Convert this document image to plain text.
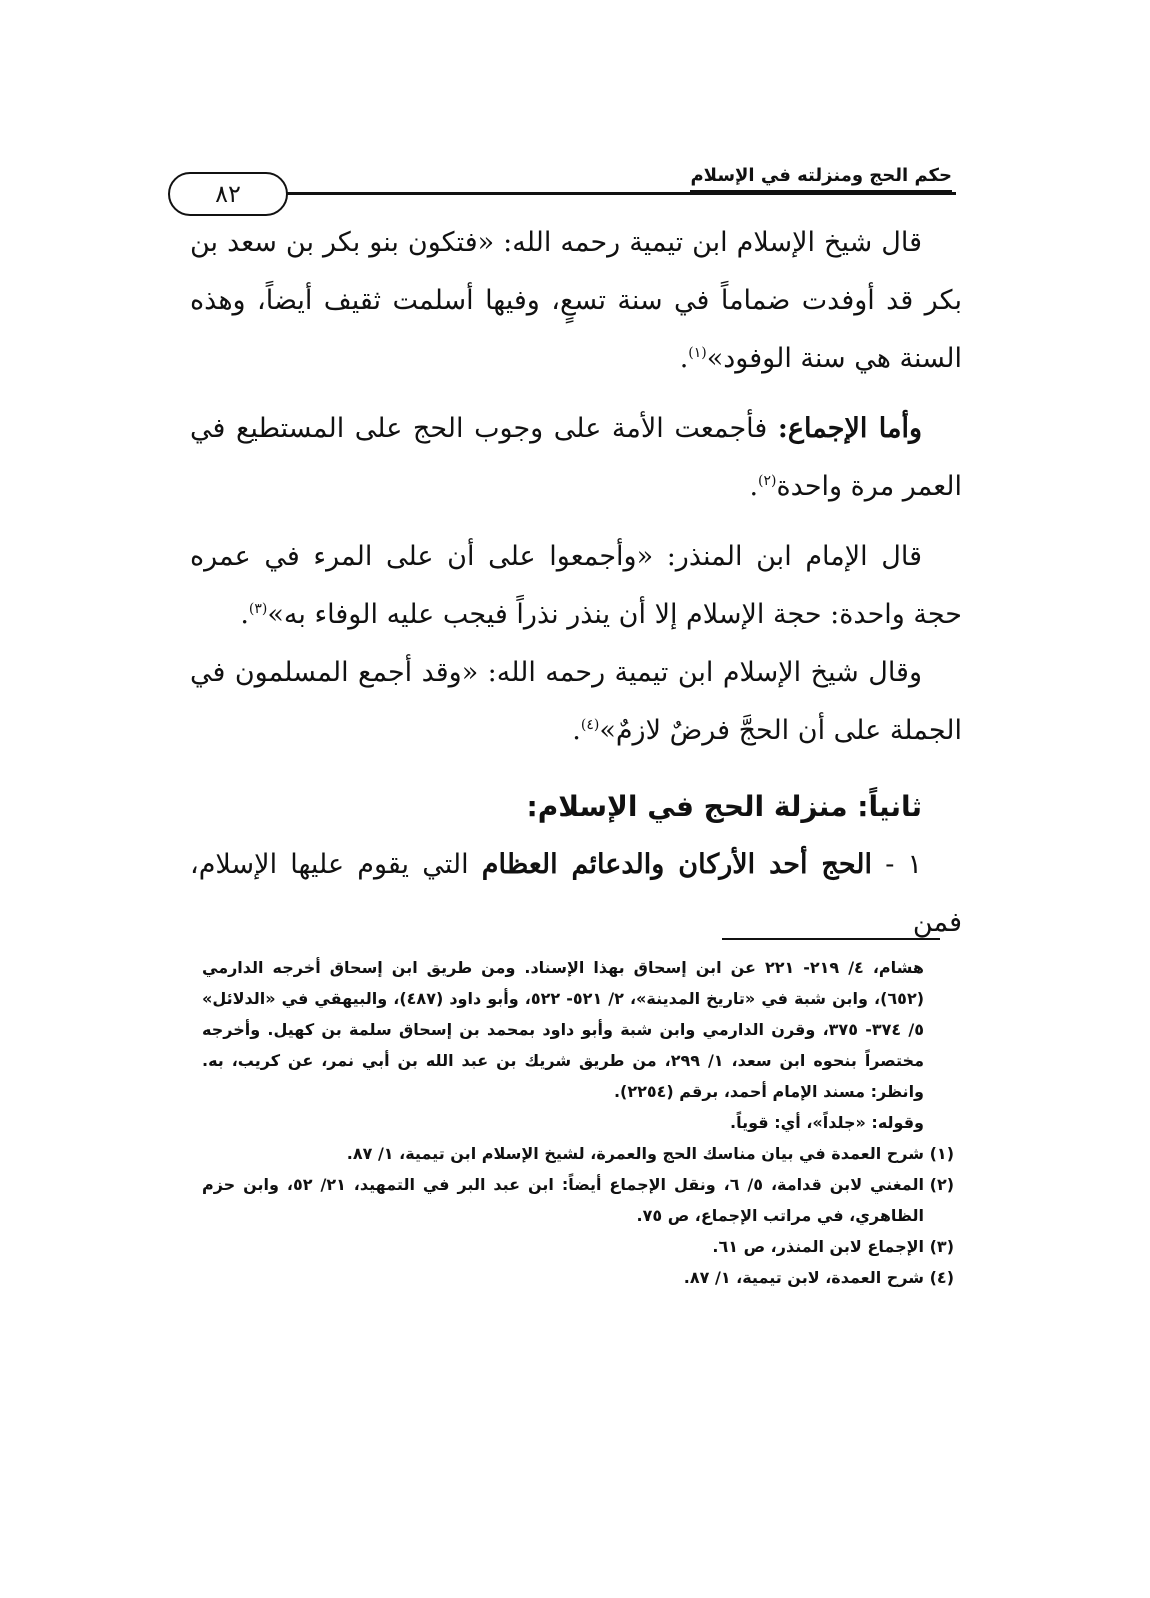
حكم الحج ومنزلته في الإسلام
٨٢

قال شيخ الإسلام ابن تيمية رحمه الله: «فتكون بنو بكر بن سعد بن بكر قد أوفدت ضماماً في سنة تسعٍ، وفيها أسلمت ثقيف أيضاً، وهذه السنة هي سنة الوفود»$^{(١)}$.

وأما الإجماع: فأجمعت الأمة على وجوب الحج على المستطيع في العمر مرة واحدة$^{(٢)}$.

قال الإمام ابن المنذر: «وأجمعوا على أن على المرء في عمره حجة واحدة: حجة الإسلام إلا أن ينذر نذراً فيجب عليه الوفاء به»$^{(٣)}$.

وقال شيخ الإسلام ابن تيمية رحمه الله: «وقد أجمع المسلمون في الجملة على أن الحجَّ فرضٌ لازمٌ»$^{(٤)}$.

ثانياً: منزلة الحج في الإسلام:

١ - الحج أحد الأركان والدعائم العظام التي يقوم عليها الإسلام، فمن

هشام، ٤/ ٢١٩- ٢٢١ عن ابن إسحاق بهذا الإسناد. ومن طريق ابن إسحاق أخرجه الدارمي (٦٥٢)، وابن شبة في «تاريخ المدينة»، ٢/ ٥٢١- ٥٢٢، وأبو داود (٤٨٧)، والبيهقي في «الدلائل» ٥/ ٣٧٤- ٣٧٥، وقرن الدارمي وابن شبة وأبو داود بمحمد بن إسحاق سلمة بن كهيل. وأخرجه مختصراً بنحوه ابن سعد، ١/ ٢٩٩، من طريق شريك بن عبد الله بن أبي نمر، عن كريب، به. وانظر: مسند الإمام أحمد، برقم (٢٢٥٤).

وقوله: «جلداً»، أي: قوياً.

(١)شرح العمدة في بيان مناسك الحج والعمرة، لشيخ الإسلام ابن تيمية، ١/ ٨٧.

(٢)المغني لابن قدامة، ٥/ ٦، ونقل الإجماع أيضاً: ابن عبد البر في التمهيد، ٢١/ ٥٢، وابن حزم الظاهري، في مراتب الإجماع، ص ٧٥.

(٣)الإجماع لابن المنذر، ص ٦١.

(٤)شرح العمدة، لابن تيمية، ١/ ٨٧.
